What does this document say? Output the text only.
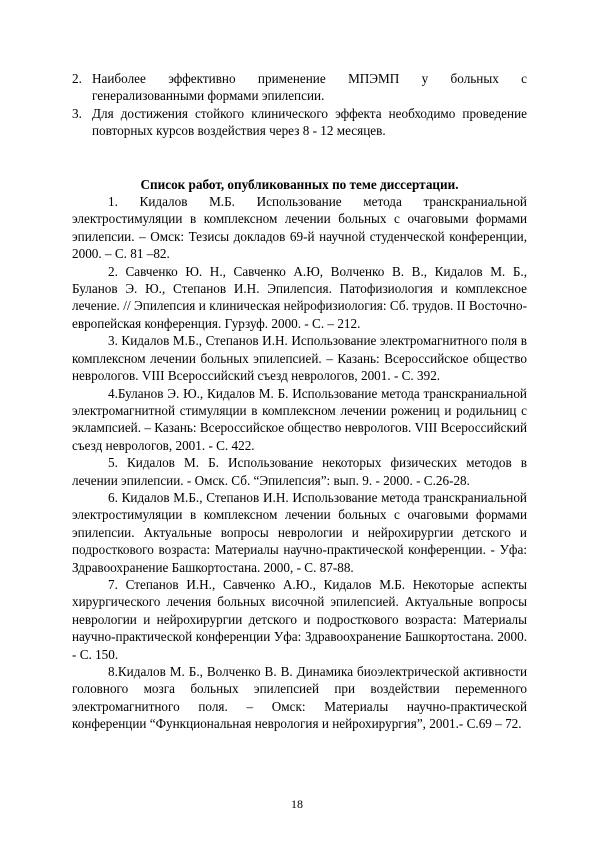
2. Наиболее эффективно применение МПЭМП у больных с генерализованными формами эпилепсии.
3. Для достижения стойкого клинического эффекта необходимо проведение повторных курсов воздействия через 8 - 12 месяцев.
Список работ, опубликованных по теме диссертации.

1. Кидалов М.Б. Использование метода транскраниальной электростимуляции в комплексном лечении больных с очаговыми формами эпилепсии. – Омск: Тезисы докладов 69-й научной студенческой конференции, 2000. – С. 81 –82.

2. Савченко Ю. Н., Савченко А.Ю, Волченко В. В., Кидалов М. Б., Буланов Э. Ю., Степанов И.Н. Эпилепсия. Патофизиология и комплексное лечение. // Эпилепсия и клиническая нейрофизиология: Сб. трудов. II Восточно-европейская конференция. Гурзуф. 2000. - С. – 212.

3. Кидалов М.Б., Степанов И.Н. Использование электромагнитного поля в комплексном лечении больных эпилепсией. – Казань: Всероссийское общество неврологов. VIII Всероссийский съезд неврологов, 2001. - С. 392.

4.Буланов Э. Ю., Кидалов М. Б. Использование метода транскраниальной электромагнитной стимуляции в комплексном лечении рожениц и родильниц с эклампсией. – Казань: Всероссийское общество неврологов. VIII Всероссийский съезд неврологов, 2001. - С. 422.

5. Кидалов М. Б. Использование некоторых физических методов в лечении эпилепсии. - Омск. Сб. “Эпилепсия”: вып. 9. - 2000. - С.26-28.

6. Кидалов М.Б., Степанов И.Н. Использование метода транскраниальной электростимуляции в комплексном лечении больных с очаговыми формами эпилепсии. Актуальные вопросы неврологии и нейрохирургии детского и подросткового возраста: Материалы научно-практической конференции. - Уфа: Здравоохранение Башкортостана. 2000, - С. 87-88.

7. Степанов И.Н., Савченко А.Ю., Кидалов М.Б. Некоторые аспекты хирургического лечения больных височной эпилепсией. Актуальные вопросы неврологии и нейрохирургии детского и подросткового возраста: Материалы научно-практической конференции Уфа: Здравоохранение Башкортостана. 2000. - С. 150.

8.Кидалов М. Б., Волченко В. В. Динамика биоэлектрической активности головного мозга больных эпилепсией при воздействии переменного электромагнитного поля. – Омск: Материалы научно-практической конференции “Функциональная неврология и нейрохирургия”, 2001.- С.69 – 72.

18
